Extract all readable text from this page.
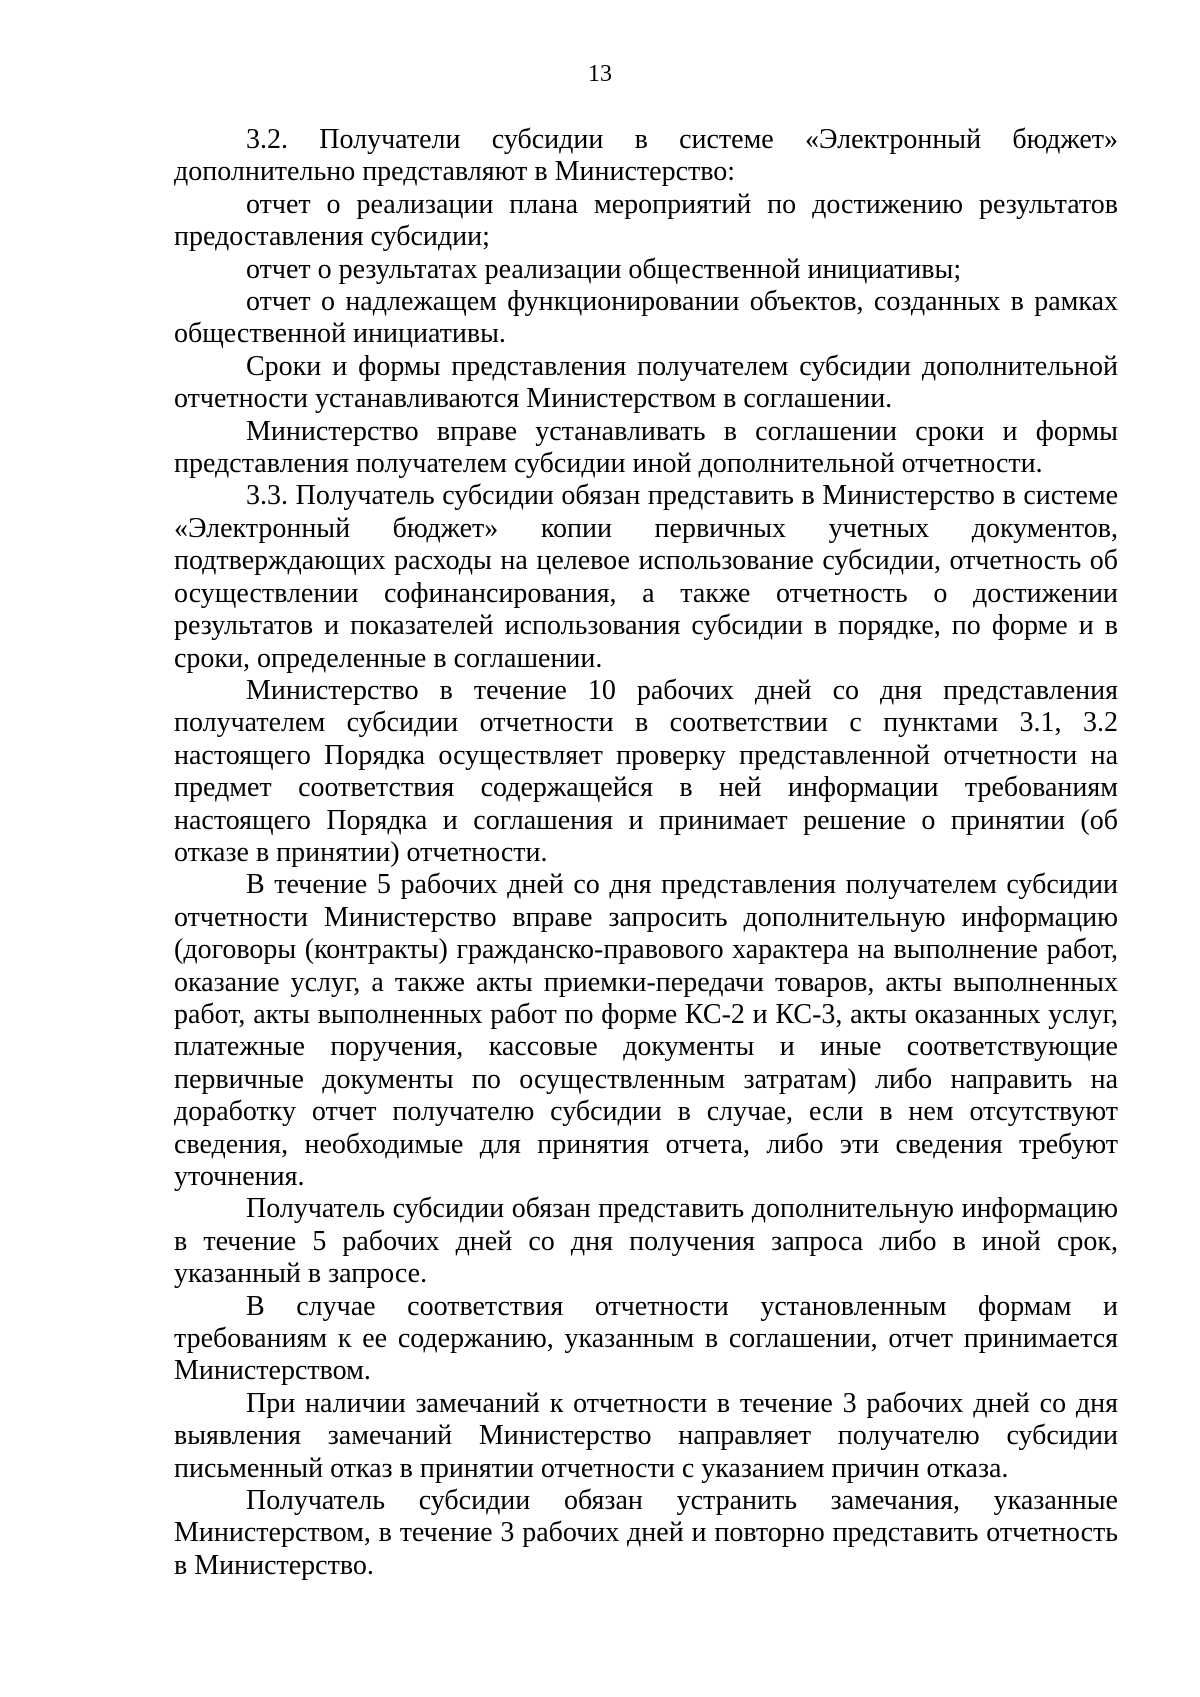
13

3.2. Получатели субсидии в системе «Электронный бюджет» дополнительно представляют в Министерство:

отчет о реализации плана мероприятий по достижению результатов предоставления субсидии;

отчет о результатах реализации общественной инициативы;

отчет о надлежащем функционировании объектов, созданных в рамках общественной инициативы.

Сроки и формы представления получателем субсидии дополнительной отчетности устанавливаются Министерством в соглашении.

Министерство вправе устанавливать в соглашении сроки и формы представления получателем субсидии иной дополнительной отчетности.

3.3. Получатель субсидии обязан представить в Министерство в системе «Электронный бюджет» копии первичных учетных документов, подтверждающих расходы на целевое использование субсидии, отчетность об осуществлении софинансирования, а также отчетность о достижении результатов и показателей использования субсидии в порядке, по форме и в сроки, определенные в соглашении.

Министерство в течение 10 рабочих дней со дня представления получателем субсидии отчетности в соответствии с пунктами 3.1, 3.2 настоящего Порядка осуществляет проверку представленной отчетности на предмет соответствия содержащейся в ней информации требованиям настоящего Порядка и соглашения и принимает решение о принятии (об отказе в принятии) отчетности.

В течение 5 рабочих дней со дня представления получателем субсидии отчетности Министерство вправе запросить дополнительную информацию (договоры (контракты) гражданско-правового характера на выполнение работ, оказание услуг, а также акты приемки-передачи товаров, акты выполненных работ, акты выполненных работ по форме КС-2 и КС-3, акты оказанных услуг, платежные поручения, кассовые документы и иные соответствующие первичные документы по осуществленным затратам) либо направить на доработку отчет получателю субсидии в случае, если в нем отсутствуют сведения, необходимые для принятия отчета, либо эти сведения требуют уточнения.

Получатель субсидии обязан представить дополнительную информацию в течение 5 рабочих дней со дня получения запроса либо в иной срок, указанный в запросе.

В случае соответствия отчетности установленным формам и требованиям к ее содержанию, указанным в соглашении, отчет принимается Министерством.

При наличии замечаний к отчетности в течение 3 рабочих дней со дня выявления замечаний Министерство направляет получателю субсидии письменный отказ в принятии отчетности с указанием причин отказа.

Получатель субсидии обязан устранить замечания, указанные Министерством, в течение 3 рабочих дней и повторно представить отчетность в Министерство.
